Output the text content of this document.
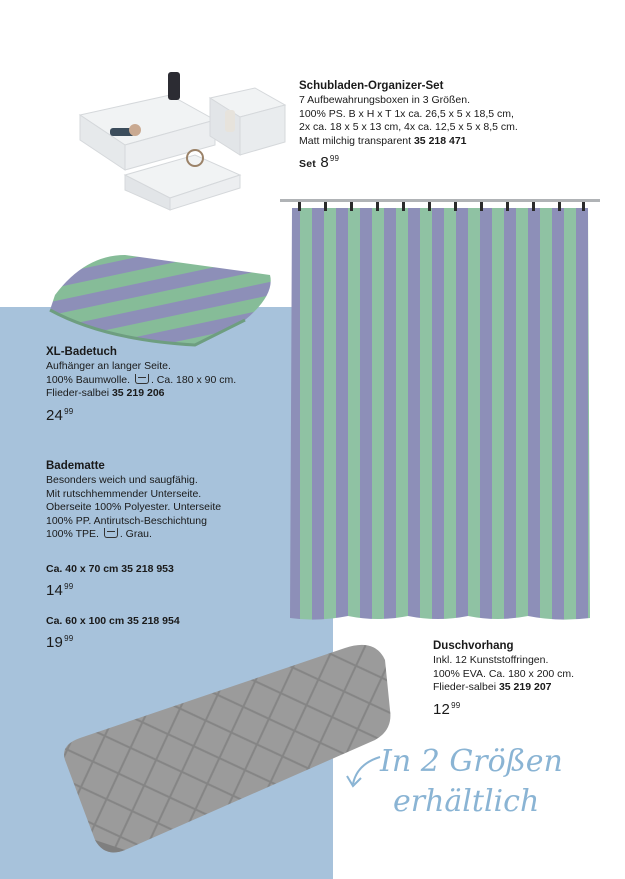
Schubladen-Organizer-Set
7 Aufbewahrungsboxen in 3 Größen.
100% PS. B x H x T 1x ca. 26,5 x 5 x 18,5 cm,
2x ca. 18 x 5 x 13 cm, 4x ca. 12,5 x 5 x 8,5 cm.
Matt milchig transparent 35 218 471
Set $8^{99}$
XL-Badetuch
Aufhänger an langer Seite.
100% Baumwolle. . Ca. 180 x 90 cm.
Flieder-salbei 35 219 206
$24^{99}$
Badematte
Besonders weich und saugfähig.
Mit rutschhemmender Unterseite.
Oberseite 100% Polyester. Unterseite
100% PP. Antirutsch-Beschichtung
100% TPE. . Grau.
Ca. 40 x 70 cm 35 218 953
$14^{99}$
Ca. 60 x 100 cm 35 218 954
$19^{99}$
Duschvorhang
Inkl. 12 Kunststoffringen.
100% EVA. Ca. 180 x 200 cm.
Flieder-salbei 35 219 207
$12^{99}$
In 2 Größen
erhältlich
